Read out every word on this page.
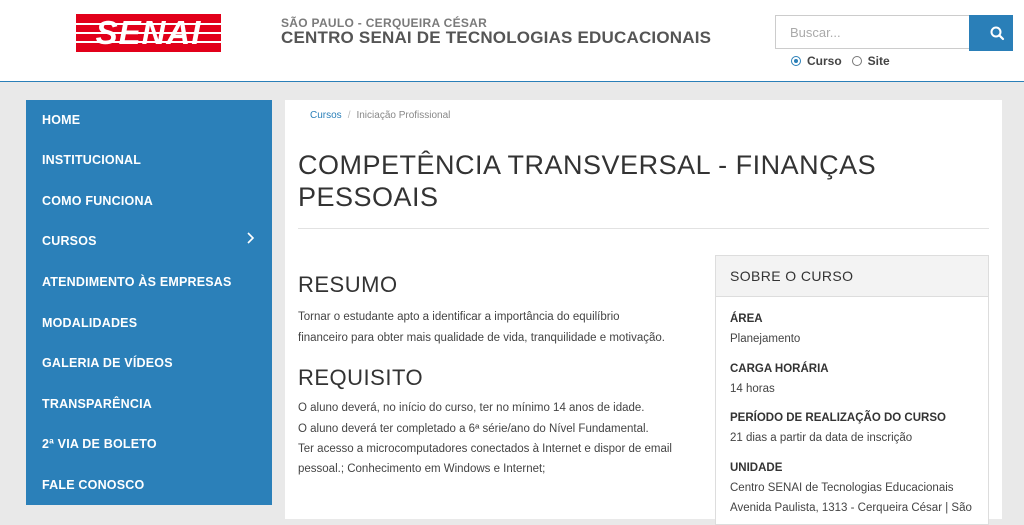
SENAI	SÃO PAULO - CERQUEIRA CÉSAR
CENTRO SENAI DE TECNOLOGIAS EDUCACIONAIS
Buscar...
Curso Site
HOME
INSTITUCIONAL
COMO FUNCIONA
CURSOS
ATENDIMENTO ÀS EMPRESAS
MODALIDADES
GALERIA DE VÍDEOS
TRANSPARÊNCIA
2ª VIA DE BOLETO
FALE CONOSCO
Cursos / Iniciação Profissional
COMPETÊNCIA TRANSVERSAL - FINANÇAS PESSOAIS
RESUMO

Tornar o estudante apto a identificar a importância do equilíbrio

financeiro para obter mais qualidade de vida, tranquilidade e motivação.

REQUISITO

O aluno deverá, no início do curso, ter no mínimo 14 anos de idade.

O aluno deverá ter completado a 6ª série/ano do Nível Fundamental.

Ter acesso a microcomputadores conectados à Internet e dispor de email

pessoal.; Conhecimento em Windows e Internet;

SOBRE O CURSO
ÁREA
Planejamento
CARGA HORÁRIA
14 horas
PERÍODO DE REALIZAÇÃO DO CURSO
21 dias a partir da data de inscrição
UNIDADE
Centro SENAI de Tecnologias Educacionais
Avenida Paulista, 1313 - Cerqueira César | São
